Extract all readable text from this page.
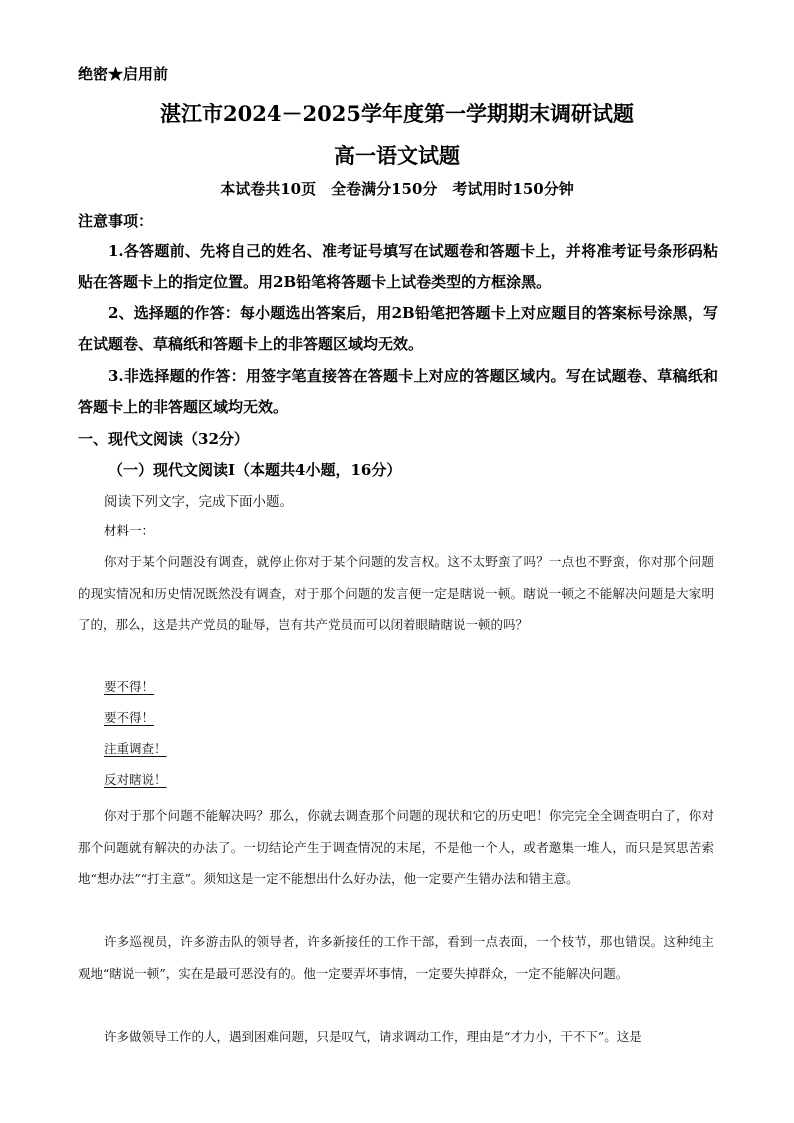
绝密★启用前
湛江市2024－2025学年度第一学期期末调研试题
高一语文试题
本试卷共10页　全卷满分150分　考试用时150分钟
注意事项：
1.各答题前、先将自己的姓名、准考证号填写在试题卷和答题卡上，并将准考证号条形码粘贴在答题卡上的指定位置。用2B铅笔将答题卡上试卷类型的方框涂黑。
2、选择题的作答：每小题选出答案后，用2B铅笔把答题卡上对应题目的答案标号涂黑，写在试题卷、草稿纸和答题卡上的非答题区域均无效。
3.非选择题的作答：用签字笔直接答在答题卡上对应的答题区域内。写在试题卷、草稿纸和答题卡上的非答题区域均无效。
一、现代文阅读（32分）
（一）现代文阅读Ⅰ（本题共4小题，16分）
阅读下列文字，完成下面小题。
材料一：
你对于某个问题没有调查，就停止你对于某个问题的发言权。这不太野蛮了吗？一点也不野蛮，你对那个问题的现实情况和历史情况既然没有调查，对于那个问题的发言便一定是瞎说一顿。瞎说一顿之不能解决问题是大家明了的，那么，这是共产党员的耻辱，岂有共产党员而可以闭着眼睛瞎说一顿的吗？
要不得！
要不得！
注重调查！
反对瞎说！
你对于那个问题不能解决吗？那么，你就去调查那个问题的现状和它的历史吧！你完完全全调查明白了，你对那个问题就有解决的办法了。一切结论产生于调查情况的末尾，不是他一个人，或者邀集一堆人，而只是冥思苦索地“想办法”“打主意”。须知这是一定不能想出什么好办法，他一定要产生错办法和错主意。
许多巡视员，许多游击队的领导者，许多新接任的工作干部，看到一点表面，一个枝节，那也错误。这种纯主观地“瞎说一顿”，实在是最可恶没有的。他一定要弄坏事情，一定要失掉群众，一定不能解决问题。
许多做领导工作的人，遇到困难问题，只是叹气，请求调动工作，理由是“才力小，干不下”。这是
